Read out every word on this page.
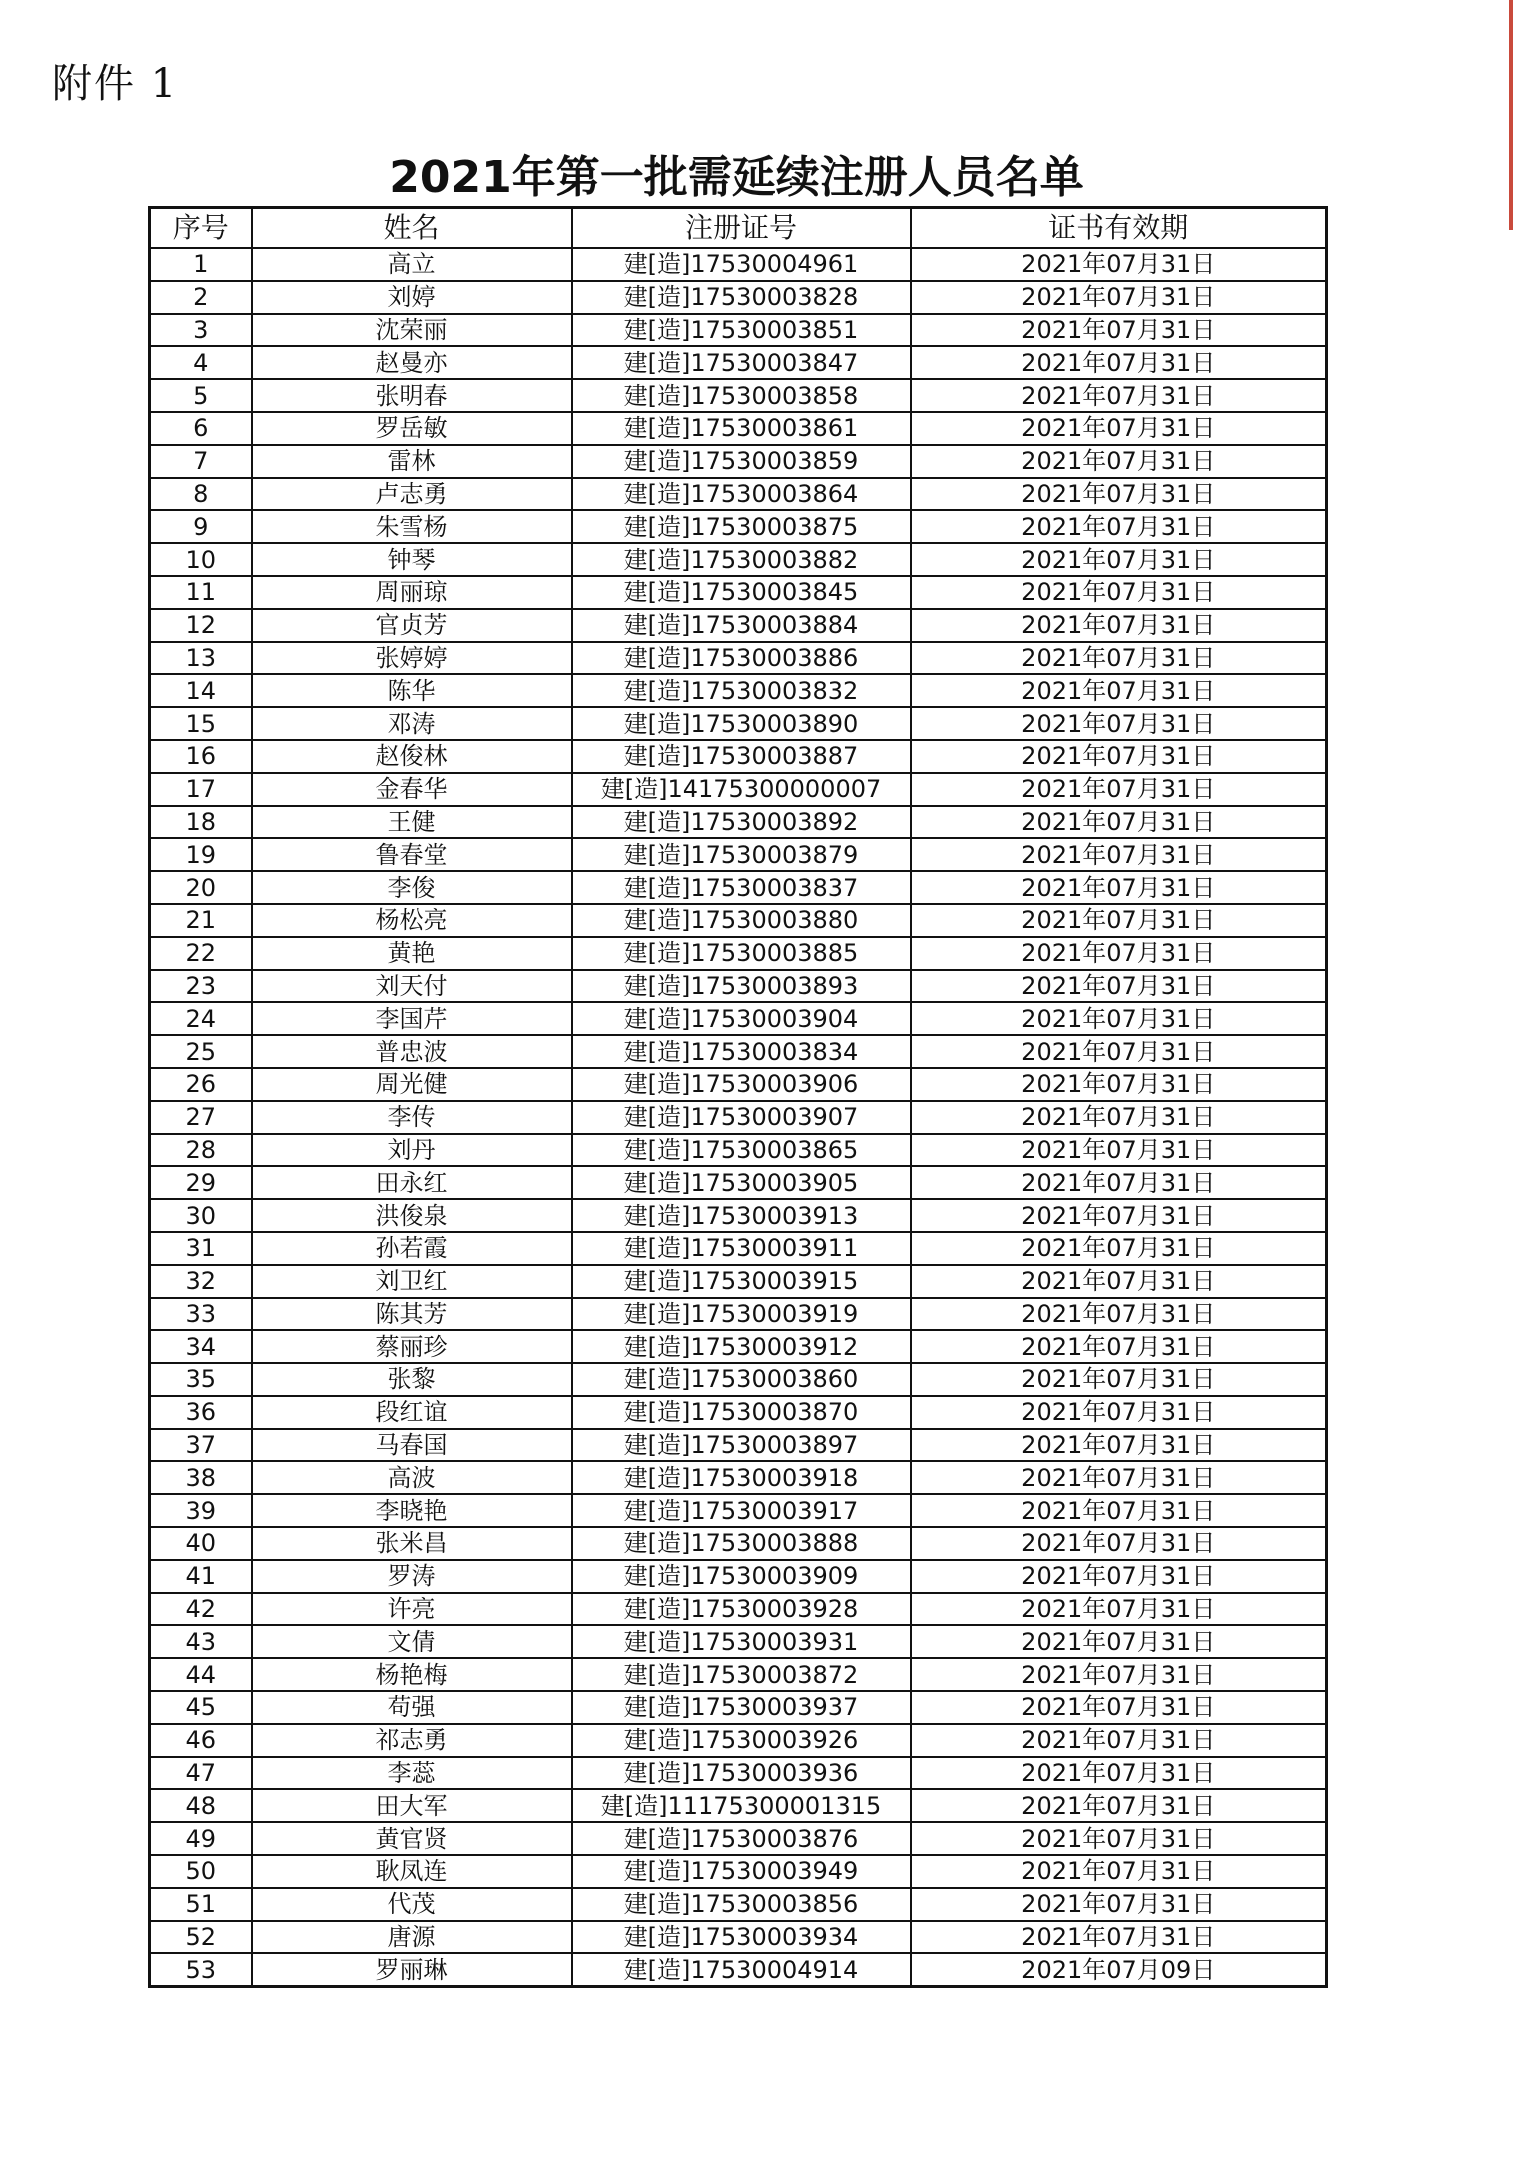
附件 1
2021年第一批需延续注册人员名单
序号	姓名	注册证号	证书有效期
1	高立	建[造]17530004961	2021年07月31日
2	刘婷	建[造]17530003828	2021年07月31日
3	沈荣丽	建[造]17530003851	2021年07月31日
4	赵曼亦	建[造]17530003847	2021年07月31日
5	张明春	建[造]17530003858	2021年07月31日
6	罗岳敏	建[造]17530003861	2021年07月31日
7	雷林	建[造]17530003859	2021年07月31日
8	卢志勇	建[造]17530003864	2021年07月31日
9	朱雪杨	建[造]17530003875	2021年07月31日
10	钟琴	建[造]17530003882	2021年07月31日
11	周丽琼	建[造]17530003845	2021年07月31日
12	官贞芳	建[造]17530003884	2021年07月31日
13	张婷婷	建[造]17530003886	2021年07月31日
14	陈华	建[造]17530003832	2021年07月31日
15	邓涛	建[造]17530003890	2021年07月31日
16	赵俊林	建[造]17530003887	2021年07月31日
17	金春华	建[造]14175300000007	2021年07月31日
18	王健	建[造]17530003892	2021年07月31日
19	鲁春堂	建[造]17530003879	2021年07月31日
20	李俊	建[造]17530003837	2021年07月31日
21	杨松亮	建[造]17530003880	2021年07月31日
22	黄艳	建[造]17530003885	2021年07月31日
23	刘天付	建[造]17530003893	2021年07月31日
24	李国芹	建[造]17530003904	2021年07月31日
25	普忠波	建[造]17530003834	2021年07月31日
26	周光健	建[造]17530003906	2021年07月31日
27	李传	建[造]17530003907	2021年07月31日
28	刘丹	建[造]17530003865	2021年07月31日
29	田永红	建[造]17530003905	2021年07月31日
30	洪俊泉	建[造]17530003913	2021年07月31日
31	孙若霞	建[造]17530003911	2021年07月31日
32	刘卫红	建[造]17530003915	2021年07月31日
33	陈其芳	建[造]17530003919	2021年07月31日
34	蔡丽珍	建[造]17530003912	2021年07月31日
35	张黎	建[造]17530003860	2021年07月31日
36	段红谊	建[造]17530003870	2021年07月31日
37	马春国	建[造]17530003897	2021年07月31日
38	高波	建[造]17530003918	2021年07月31日
39	李晓艳	建[造]17530003917	2021年07月31日
40	张米昌	建[造]17530003888	2021年07月31日
41	罗涛	建[造]17530003909	2021年07月31日
42	许亮	建[造]17530003928	2021年07月31日
43	文倩	建[造]17530003931	2021年07月31日
44	杨艳梅	建[造]17530003872	2021年07月31日
45	苟强	建[造]17530003937	2021年07月31日
46	祁志勇	建[造]17530003926	2021年07月31日
47	李蕊	建[造]17530003936	2021年07月31日
48	田大军	建[造]11175300001315	2021年07月31日
49	黄官贤	建[造]17530003876	2021年07月31日
50	耿凤连	建[造]17530003949	2021年07月31日
51	代茂	建[造]17530003856	2021年07月31日
52	唐源	建[造]17530003934	2021年07月31日
53	罗丽琳	建[造]17530004914	2021年07月09日
